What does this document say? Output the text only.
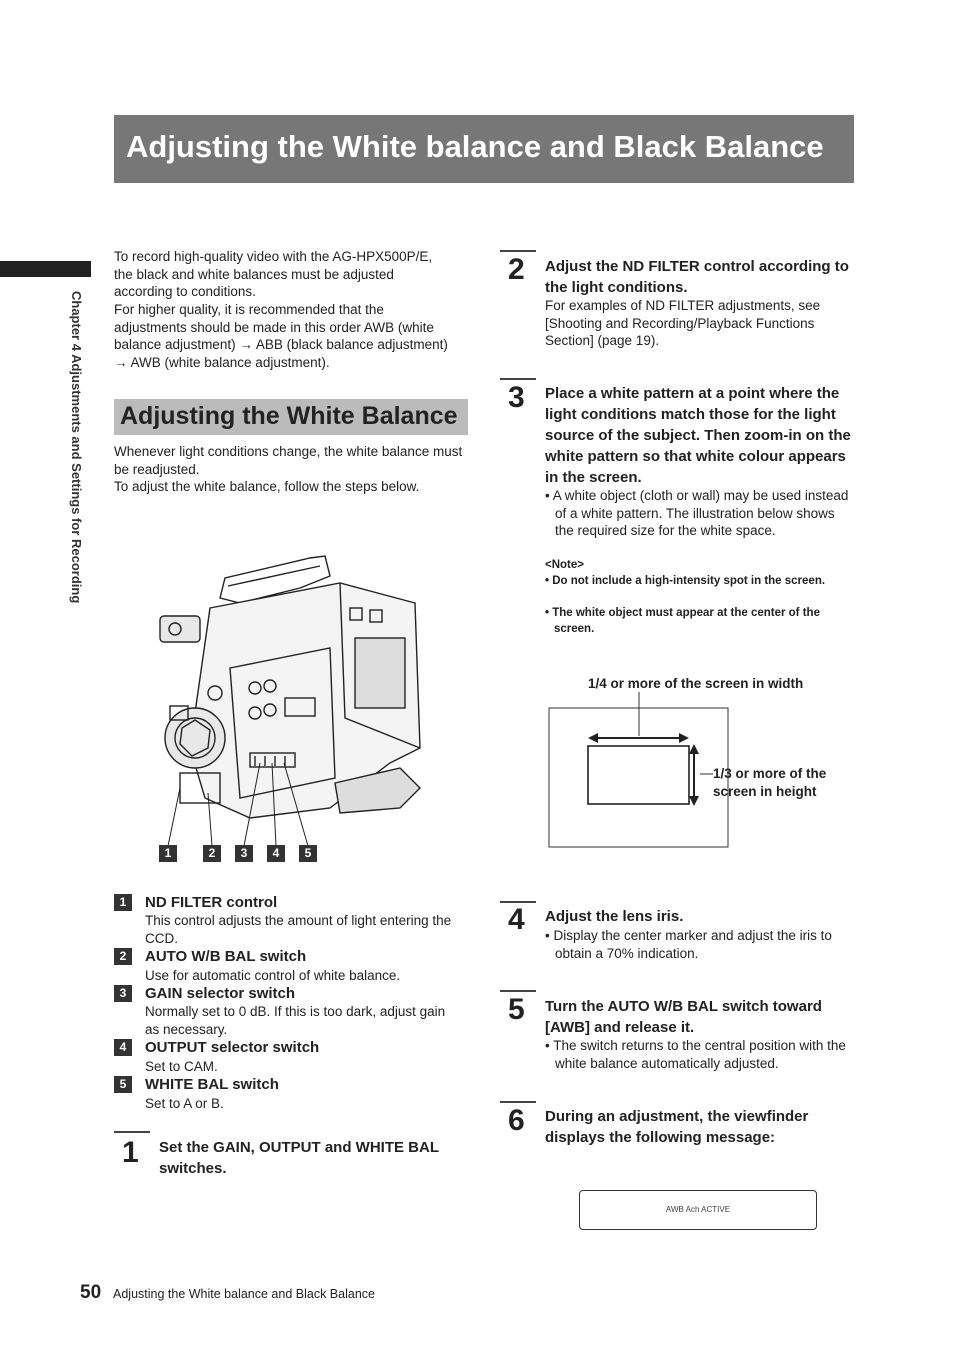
Adjusting the White balance and Black Balance
Chapter 4 Adjustments and Settings for Recording
To record high-quality video with the AG-HPX500P/E, the black and white balances must be adjusted according to conditions.
For higher quality, it is recommended that the adjustments should be made in this order AWB (white balance adjustment) → ABB (black balance adjustment) → AWB (white balance adjustment).
Adjusting the White Balance
Whenever light conditions change, the white balance must be readjusted.
To adjust the white balance, follow the steps below.
1	2	3	4	5
1	ND FILTER control
This control adjusts the amount of light entering the CCD.
2	AUTO W/B BAL switch
Use for automatic control of white balance.
3	GAIN selector switch
Normally set to 0 dB. If this is too dark, adjust gain as necessary.
4	OUTPUT selector switch
Set to CAM.
5	WHITE BAL switch
Set to A or B.
1 Set the GAIN, OUTPUT and WHITE BAL switches.
2 Adjust the ND FILTER control according to the light conditions.
For examples of ND FILTER adjustments, see [Shooting and Recording/Playback Functions Section] (page 19).
3 Place a white pattern at a point where the light conditions match those for the light source of the subject. Then zoom-in on the white pattern so that white colour appears in the screen.
• A white object (cloth or wall) may be used instead of a white pattern. The illustration below shows the required size for the white space.
<Note>
• Do not include a high-intensity spot in the screen.
• The white object must appear at the center of the screen.
1/4 or more of the screen in width
1/3 or more of the
screen in height
4 Adjust the lens iris.
• Display the center marker and adjust the iris to obtain a 70% indication.
5 Turn the AUTO W/B BAL switch toward [AWB] and release it.
• The switch returns to the central position with the white balance automatically adjusted.
6 During an adjustment, the viewfinder displays the following message:
AWB Ach ACTIVE
50 Adjusting the White balance and Black Balance
